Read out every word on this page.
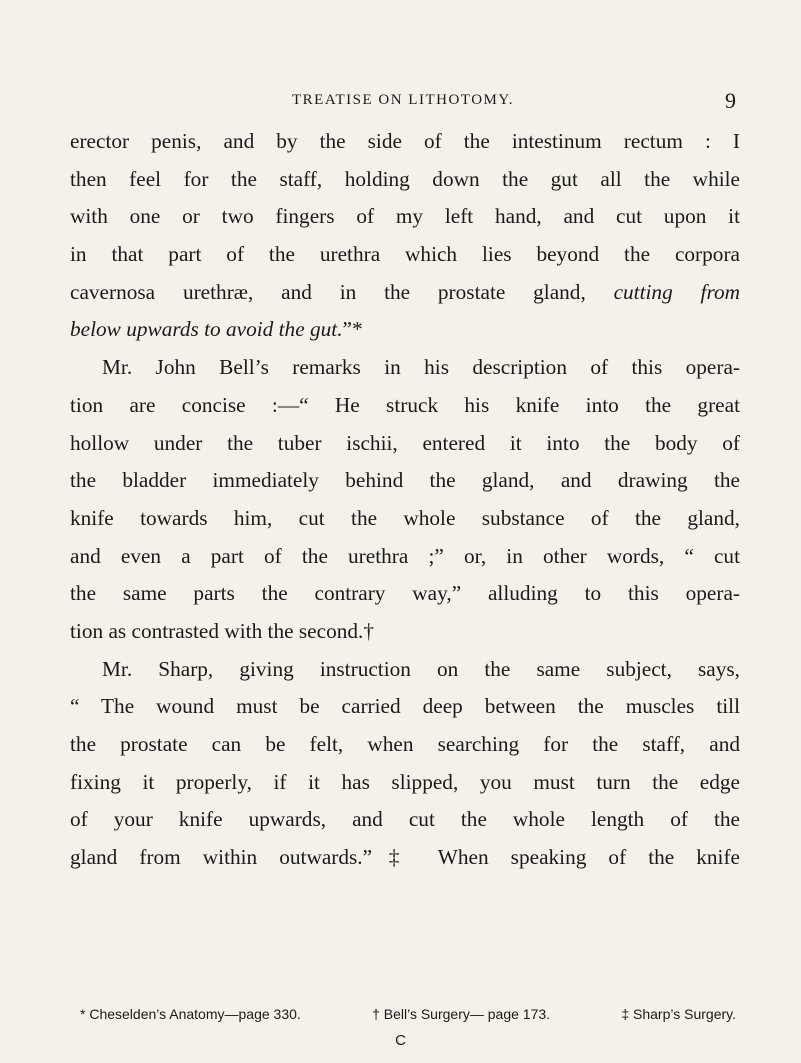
TREATISE ON LITHOTOMY.	9
erector penis, and by the side of the intestinum rectum : I
then feel for the staff, holding down the gut all the while
with one or two fingers of my left hand, and cut upon it
in that part of the urethra which lies beyond the corpora
cavernosa urethræ, and in the prostate gland, cutting from
below upwards to avoid the gut.”*
Mr. John Bell’s remarks in his description of this opera-
tion are concise :—“ He struck his knife into the great
hollow under the tuber ischii, entered it into the body of
the bladder immediately behind the gland, and drawing the
knife towards him, cut the whole substance of the gland,
and even a part of the urethra ;” or, in other words, “ cut
the same parts the contrary way,” alluding to this opera-
tion as contrasted with the second.†
Mr. Sharp, giving instruction on the same subject, says,
“ The wound must be carried deep between the muscles till
the prostate can be felt, when searching for the staff, and
fixing it properly, if it has slipped, you must turn the edge
of your knife upwards, and cut the whole length of the
gland from within outwards.”‡ When speaking of the knife
* Cheselden’s Anatomy—page 330.	† Bell’s Surgery— page 173.	‡ Sharp’s Surgery.
C
